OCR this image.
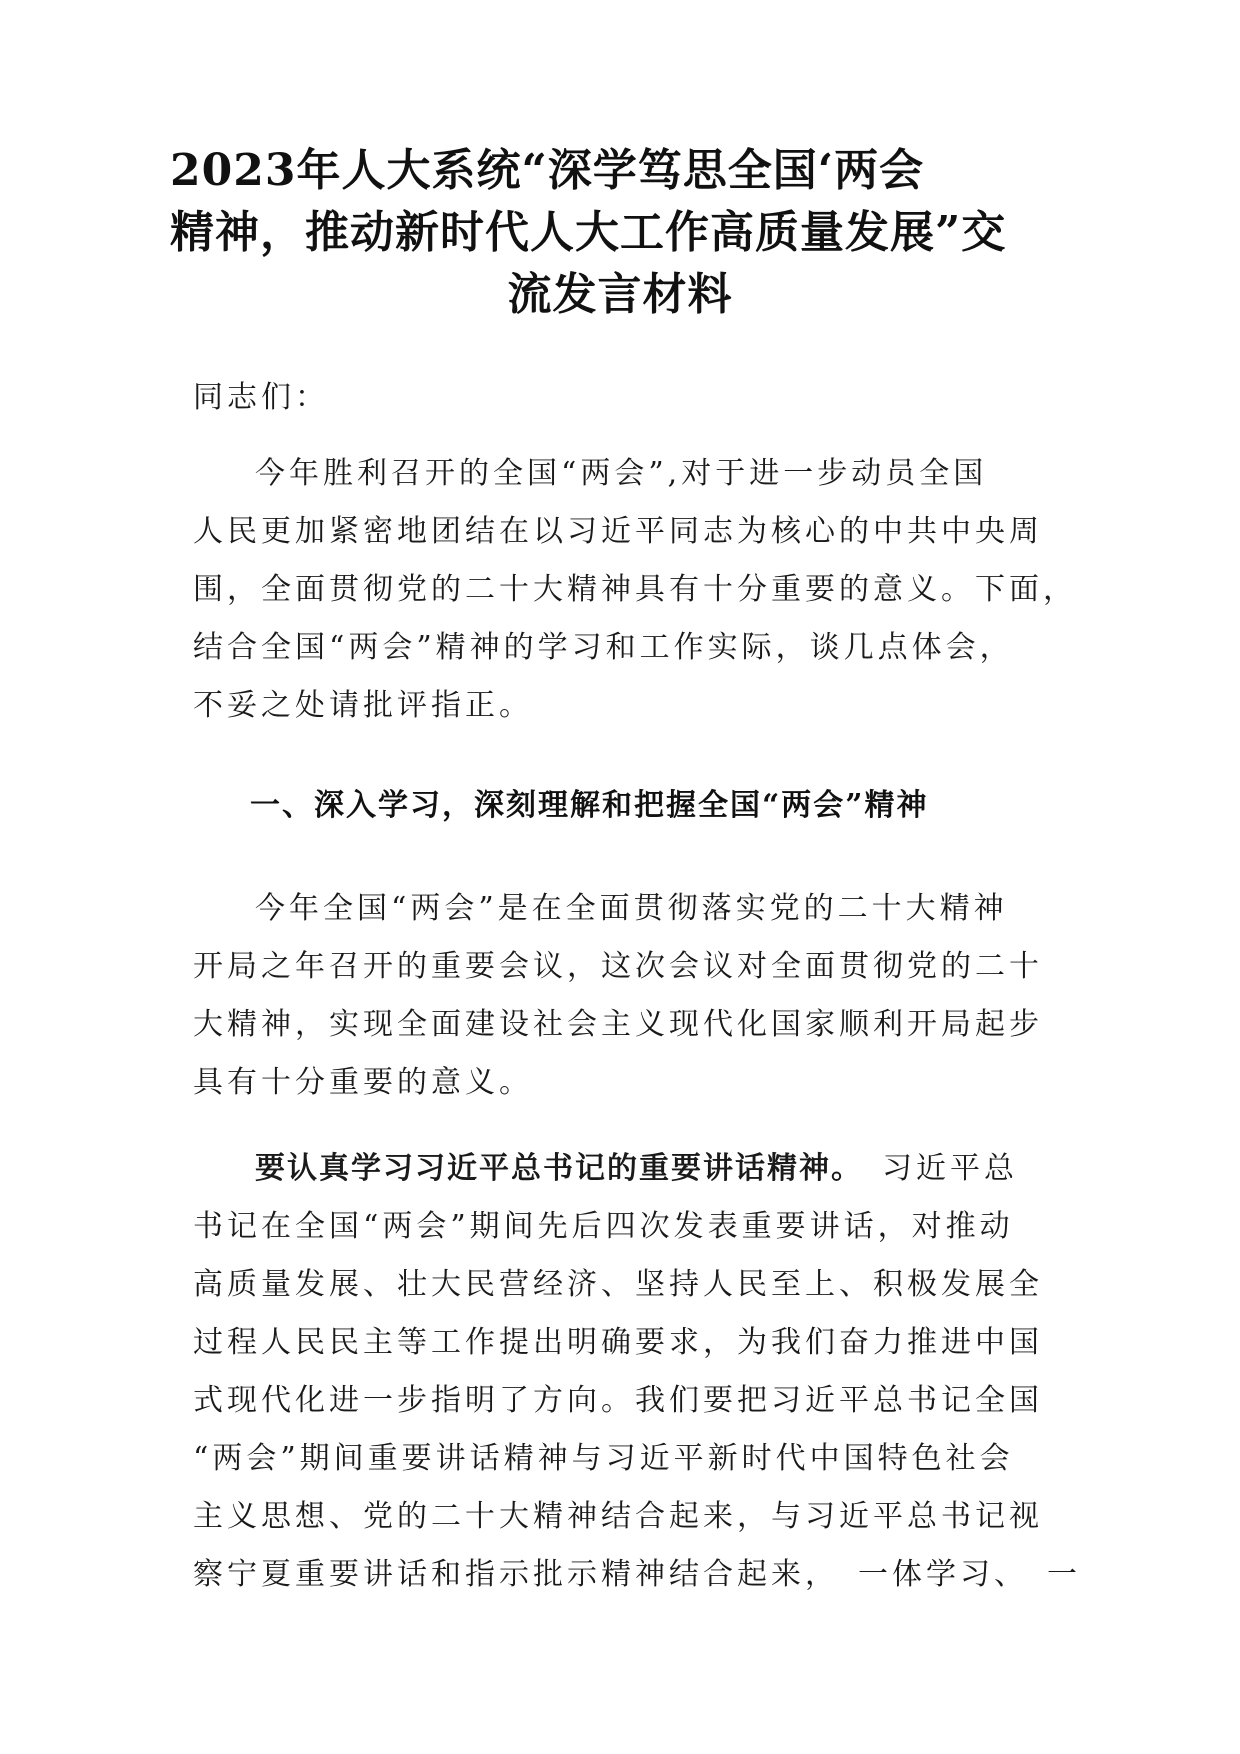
2023年人大系统“深学笃思全国‘两会
精神，推动新时代人大工作高质量发展”交
流发言材料
同志们：
今年胜利召开的全国“两会”,对于进一步动员全国
人民更加紧密地团结在以习近平同志为核心的中共中央周
围，全面贯彻党的二十大精神具有十分重要的意义。下面，
结合全国“两会”精神的学习和工作实际，谈几点体会，
不妥之处请批评指正。
一、深入学习，深刻理解和把握全国“两会”精神
今年全国“两会”是在全面贯彻落实党的二十大精神
开局之年召开的重要会议，这次会议对全面贯彻党的二十
大精神，实现全面建设社会主义现代化国家顺利开局起步
具有十分重要的意义。
要认真学习习近平总书记的重要讲话精神。　 习近平总
书记在全国“两会”期间先后四次发表重要讲话，对推动
高质量发展、壮大民营经济、坚持人民至上、积极发展全
过程人民民主等工作提出明确要求，为我们奋力推进中国
式现代化进一步指明了方向。我们要把习近平总书记全国
“两会”期间重要讲话精神与习近平新时代中国特色社会
主义思想、党的二十大精神结合起来，与习近平总书记视
察宁夏重要讲话和指示批示精神结合起来，　一体学习、　一
